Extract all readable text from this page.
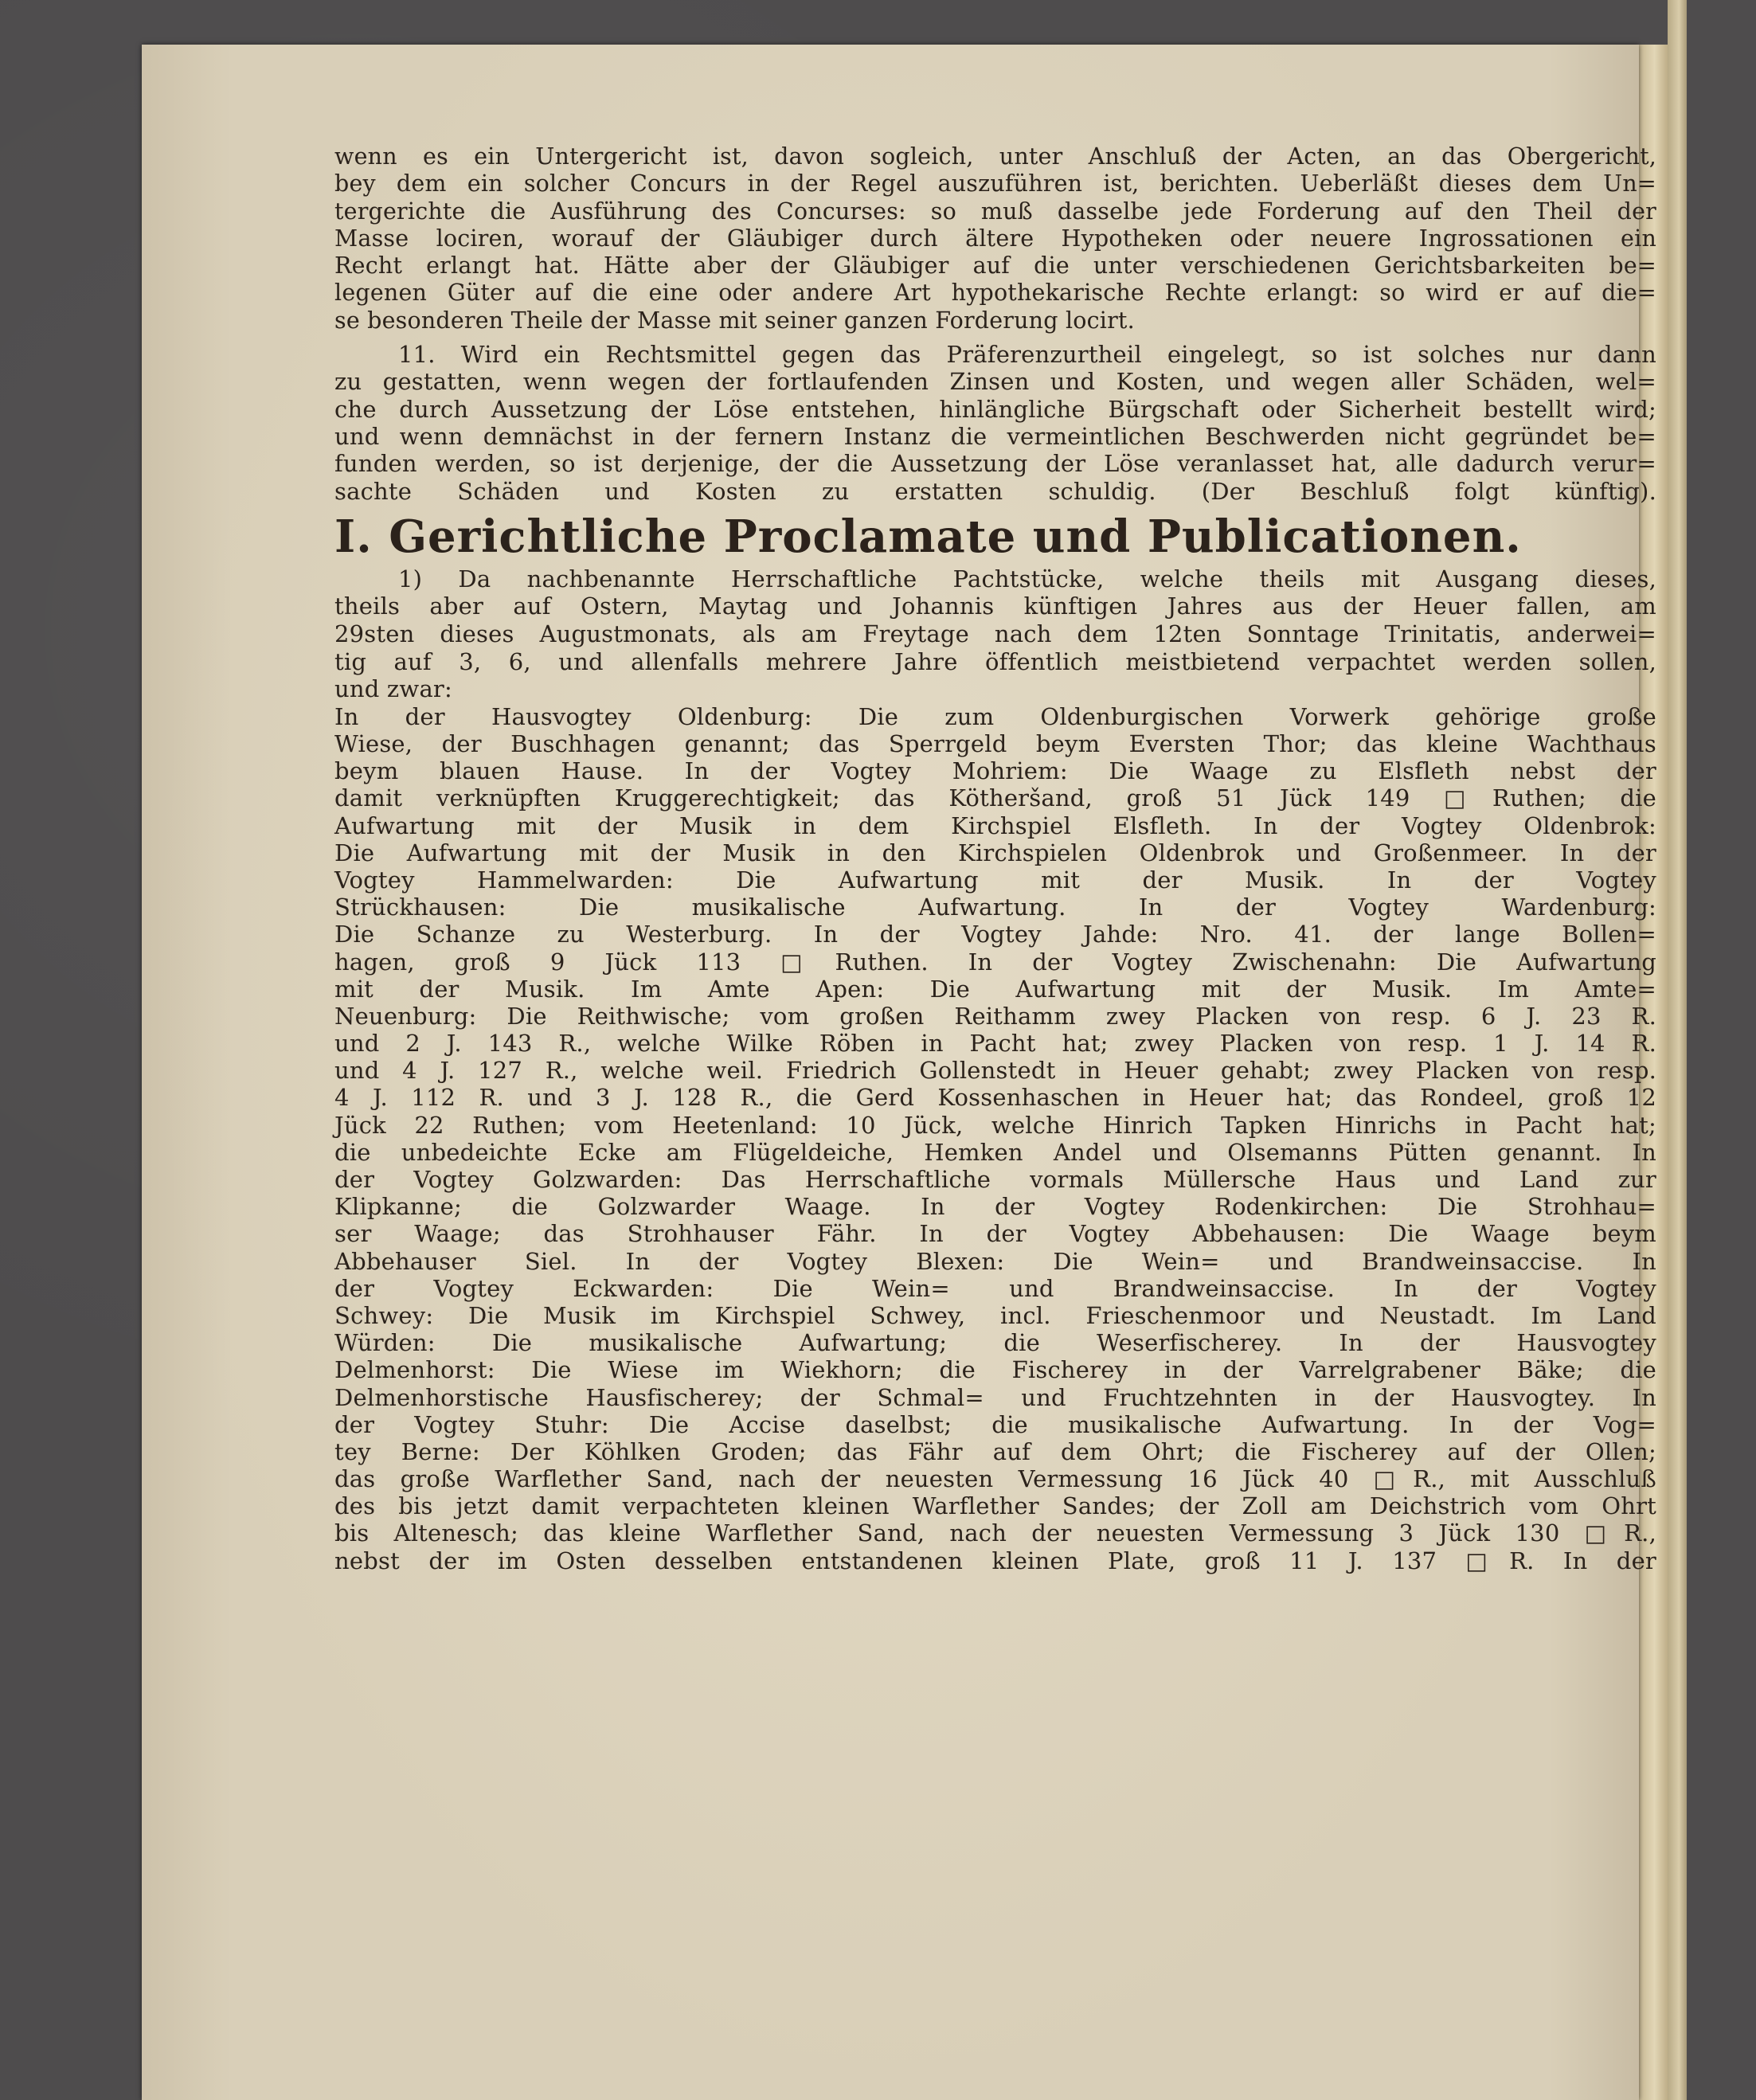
wenn es ein Untergericht ist, davon sogleich, unter Anschluß der Acten, an das Obergericht,
bey dem ein solcher Concurs in der Regel auszuführen ist, berichten. Ueberläßt dieses dem Un=
tergerichte die Ausführung des Concurses: so muß dasselbe jede Forderung auf den Theil der
Masse lociren, worauf der Gläubiger durch ältere Hypotheken oder neuere Ingrossationen ein
Recht erlangt hat. Hätte aber der Gläubiger auf die unter verschiedenen Gerichtsbarkeiten be=
legenen Güter auf die eine oder andere Art hypothekarische Rechte erlangt: so wird er auf die=
se besonderen Theile der Masse mit seiner ganzen Forderung locirt.
11. Wird ein Rechtsmittel gegen das Präferenzurtheil eingelegt, so ist solches nur dann
zu gestatten, wenn wegen der fortlaufenden Zinsen und Kosten, und wegen aller Schäden, wel=
che durch Aussetzung der Löse entstehen, hinlängliche Bürgschaft oder Sicherheit bestellt wird;
und wenn demnächst in der fernern Instanz die vermeintlichen Beschwerden nicht gegründet be=
funden werden, so ist derjenige, der die Aussetzung der Löse veranlasset hat, alle dadurch verur=
sachte Schäden und Kosten zu erstatten schuldig. (Der Beschluß folgt künftig).
I. Gerichtliche Proclamate und Publicationen.
1) Da nachbenannte Herrschaftliche Pachtstücke, welche theils mit Ausgang dieses,
theils aber auf Ostern, Maytag und Johannis künftigen Jahres aus der Heuer fallen, am
29sten dieses Augustmonats, als am Freytage nach dem 12ten Sonntage Trinitatis, anderwei=
tig auf 3, 6, und allenfalls mehrere Jahre öffentlich meistbietend verpachtet werden sollen,
und zwar:
In der Hausvogtey Oldenburg: Die zum Oldenburgischen Vorwerk gehörige große
Wiese, der Buschhagen genannt; das Sperrgeld beym Eversten Thor; das kleine Wachthaus
beym blauen Hause. In der Vogtey Mohriem: Die Waage zu Elsfleth nebst der
damit verknüpften Kruggerechtigkeit; das Kötheršand, groß 51 Jück 149 □Ruthen; die
Aufwartung mit der Musik in dem Kirchspiel Elsfleth. In der Vogtey Oldenbrok:
Die Aufwartung mit der Musik in den Kirchspielen Oldenbrok und Großenmeer. In der
Vogtey Hammelwarden: Die Aufwartung mit der Musik. In der Vogtey
Strückhausen: Die musikalische Aufwartung. In der Vogtey Wardenburg:
Die Schanze zu Westerburg. In der Vogtey Jahde: Nro. 41. der lange Bollen=
hagen, groß 9 Jück 113 □Ruthen. In der Vogtey Zwischenahn: Die Aufwartung
mit der Musik. Im Amte Apen: Die Aufwartung mit der Musik. Im Amte=
Neuenburg: Die Reithwische; vom großen Reithamm zwey Placken von resp. 6 J. 23 R.
und 2 J. 143 R., welche Wilke Röben in Pacht hat; zwey Placken von resp. 1 J. 14 R.
und 4 J. 127 R., welche weil. Friedrich Gollenstedt in Heuer gehabt; zwey Placken von resp.
4 J. 112 R. und 3 J. 128 R., die Gerd Kossenhaschen in Heuer hat; das Rondeel, groß 12
Jück 22 Ruthen; vom Heetenland: 10 Jück, welche Hinrich Tapken Hinrichs in Pacht hat;
die unbedeichte Ecke am Flügeldeiche, Hemken Andel und Olsemanns Pütten genannt. In
der Vogtey Golzwarden: Das Herrschaftliche vormals Müllersche Haus und Land zur
Klipkanne; die Golzwarder Waage. In der Vogtey Rodenkirchen: Die Strohhau=
ser Waage; das Strohhauser Fähr. In der Vogtey Abbehausen: Die Waage beym
Abbehauser Siel. In der Vogtey Blexen: Die Wein= und Brandweinsaccise. In
der Vogtey Eckwarden: Die Wein= und Brandweinsaccise. In der Vogtey
Schwey: Die Musik im Kirchspiel Schwey, incl. Frieschenmoor und Neustadt. Im Land
Würden: Die musikalische Aufwartung; die Weserfischerey. In der Hausvogtey
Delmenhorst: Die Wiese im Wiekhorn; die Fischerey in der Varrelgrabener Bäke; die
Delmenhorstische Hausfischerey; der Schmal= und Fruchtzehnten in der Hausvogtey. In
der Vogtey Stuhr: Die Accise daselbst; die musikalische Aufwartung. In der Vog=
tey Berne: Der Köhlken Groden; das Fähr auf dem Ohrt; die Fischerey auf der Ollen;
das große Warflether Sand, nach der neuesten Vermessung 16 Jück 40 □R., mit Ausschluß
des bis jetzt damit verpachteten kleinen Warflether Sandes; der Zoll am Deichstrich vom Ohrt
bis Altenesch; das kleine Warflether Sand, nach der neuesten Vermessung 3 Jück 130 □R.,
nebst der im Osten desselben entstandenen kleinen Plate, groß 11 J. 137 □R. In der
